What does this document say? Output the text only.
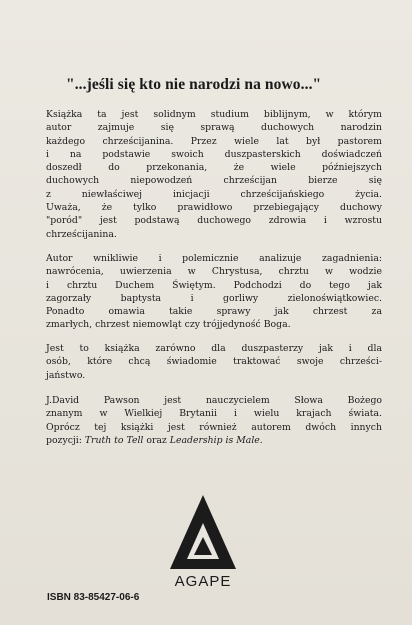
"...jeśli się kto nie narodzi na nowo..."
Książka ta jest solidnym studium biblijnym, w którym
autor zajmuje się sprawą duchowych narodzin
każdego chrześcijanina. Przez wiele lat był pastorem
i na podstawie swoich duszpasterskich doświadczeń
doszedł do przekonania, że wiele późniejszych
duchowych niepowodzeń chrześcijan bierze się
z niewłaściwej inicjacji chrześcijańskiego życia.
Uważa, że tylko prawidłowo przebiegający duchowy
"poród" jest podstawą duchowego zdrowia i wzrostu
chrześcijanina.
Autor wnikliwie i polemicznie analizuje zagadnienia:
nawrócenia, uwierzenia w Chrystusa, chrztu w wodzie
i chrztu Duchem Świętym. Podchodzi do tego jak
zagorzały baptysta i gorliwy zielonoświątkowiec.
Ponadto omawia takie sprawy jak chrzest za
zmarłych, chrzest niemowląt czy trójjedyność Boga.
Jest to książka zarówno dla duszpasterzy jak i dla
osób, które chcą świadomie traktować swoje chrześci-
jaństwo.
J.David Pawson jest nauczycielem Słowa Bożego
znanym w Wielkiej Brytanii i wielu krajach świata.
Oprócz tej książki jest również autorem dwóch innych
pozycji: Truth to Tell oraz Leadership is Male.
AGAPE
ISBN 83-85427-06-6
